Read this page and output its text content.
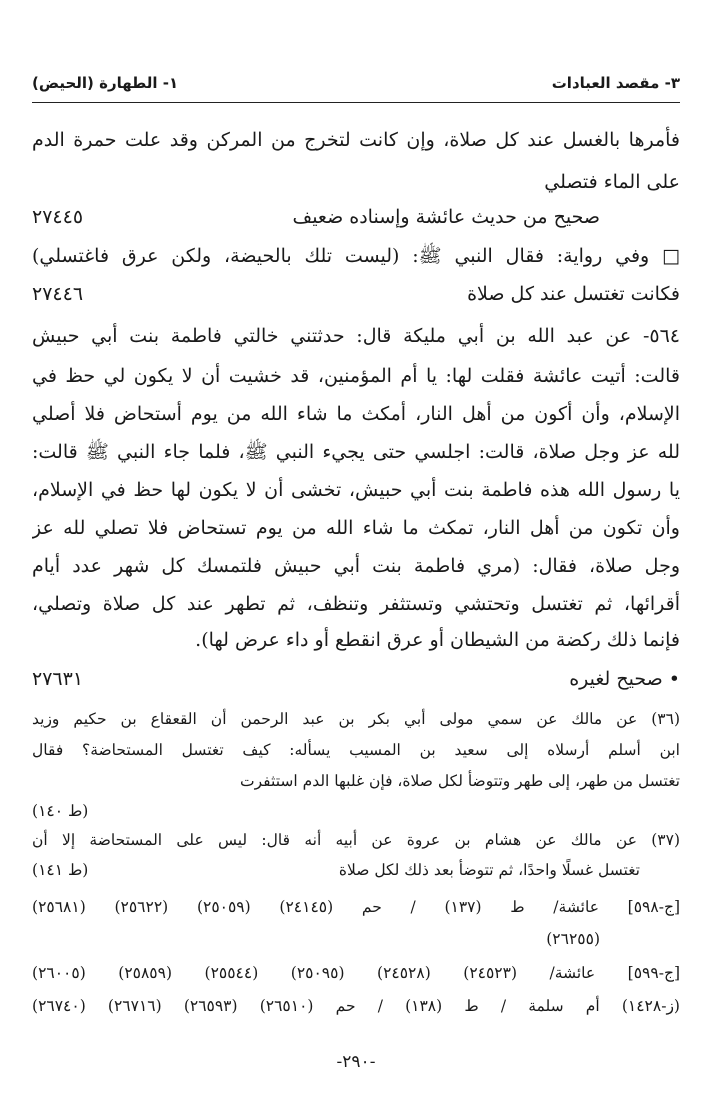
١- الطهارة (الحيض)	٣- مقصد العبادات
فأمرها بالغسل عند كل صلاة، وإن كانت لتخرج من المركن وقد علت حمرة الدم
على الماء فتصلي
صحيح من حديث عائشة وإسناده ضعيف
٢٧٤٤٥
□ وفي رواية: فقال النبي ﷺ: (ليست تلك بالحيضة، ولكن عرق فاغتسلي)
فكانت تغتسل عند كل صلاة
٢٧٤٤٦
٥٦٤- عن عبد الله بن أبي مليكة قال: حدثتني خالتي فاطمة بنت أبي حبيش
قالت: أتيت عائشة فقلت لها: يا أم المؤمنين، قد خشيت أن لا يكون لي حظ في
الإسلام، وأن أكون من أهل النار، أمكث ما شاء الله من يوم أستحاض فلا أصلي
لله عز وجل صلاة، قالت: اجلسي حتى يجيء النبي ﷺ، فلما جاء النبي ﷺ قالت:
يا رسول الله هذه فاطمة بنت أبي حبيش، تخشى أن لا يكون لها حظ في الإسلام،
وأن تكون من أهل النار، تمكث ما شاء الله من يوم تستحاض فلا تصلي لله عز
وجل صلاة، فقال: (مري فاطمة بنت أبي حبيش فلتمسك كل شهر عدد أيام
أقرائها، ثم تغتسل وتحتشي وتستثفر وتنظف، ثم تطهر عند كل صلاة وتصلي،
فإنما ذلك ركضة من الشيطان أو عرق انقطع أو داء عرض لها).
• صحيح لغيره
٢٧٦٣١
(٣٦) عن مالك عن سمي مولى أبي بكر بن عبد الرحمن أن القعقاع بن حكيم وزيد
ابن أسلم أرسلاه إلى سعيد بن المسيب يسأله: كيف تغتسل المستحاضة؟ فقال
تغتسل من طهر، إلى طهر وتتوضأ لكل صلاة، فإن غلبها الدم استثفرت
(ط ١٤٠)
(٣٧) عن مالك عن هشام بن عروة عن أبيه أنه قال: ليس على المستحاضة إلا أن
تغتسل غسلًا واحدًا، ثم تتوضأ بعد ذلك لكل صلاة
(ط ١٤١)
[ج-٥٩٨] عائشة/ ط (١٣٧) / حم (٢٤١٤٥) (٢٥٠٥٩) (٢٥٦٢٢) (٢٥٦٨١)
(٢٦٢٥٥)
[ج-٥٩٩] عائشة/ (٢٤٥٢٣) (٢٤٥٢٨) (٢٥٠٩٥) (٢٥٥٤٤) (٢٥٨٥٩) (٢٦٠٠٥)
(ز-١٤٢٨) أم سلمة / ط (١٣٨) / حم (٢٦٥١٠) (٢٦٥٩٣) (٢٦٧١٦) (٢٦٧٤٠)
-٢٩٠-
